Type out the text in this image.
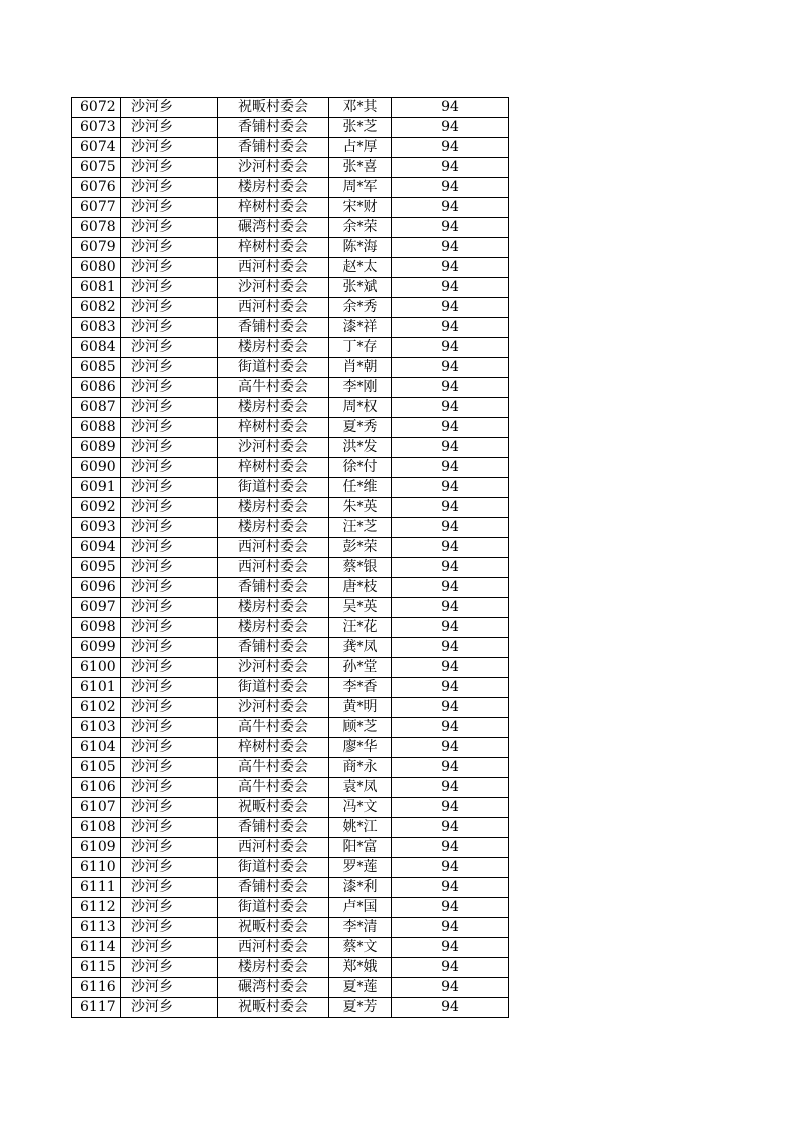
6072	沙河乡	祝畈村委会	邓*其	94
6073	沙河乡	香铺村委会	张*芝	94
6074	沙河乡	香铺村委会	占*厚	94
6075	沙河乡	沙河村委会	张*喜	94
6076	沙河乡	楼房村委会	周*军	94
6077	沙河乡	梓树村委会	宋*财	94
6078	沙河乡	碾湾村委会	余*荣	94
6079	沙河乡	梓树村委会	陈*海	94
6080	沙河乡	西河村委会	赵*太	94
6081	沙河乡	沙河村委会	张*斌	94
6082	沙河乡	西河村委会	余*秀	94
6083	沙河乡	香铺村委会	漆*祥	94
6084	沙河乡	楼房村委会	丁*存	94
6085	沙河乡	街道村委会	肖*朝	94
6086	沙河乡	高牛村委会	李*刚	94
6087	沙河乡	楼房村委会	周*权	94
6088	沙河乡	梓树村委会	夏*秀	94
6089	沙河乡	沙河村委会	洪*发	94
6090	沙河乡	梓树村委会	徐*付	94
6091	沙河乡	街道村委会	任*维	94
6092	沙河乡	楼房村委会	朱*英	94
6093	沙河乡	楼房村委会	汪*芝	94
6094	沙河乡	西河村委会	彭*荣	94
6095	沙河乡	西河村委会	蔡*银	94
6096	沙河乡	香铺村委会	唐*枝	94
6097	沙河乡	楼房村委会	吴*英	94
6098	沙河乡	楼房村委会	汪*花	94
6099	沙河乡	香铺村委会	龚*凤	94
6100	沙河乡	沙河村委会	孙*堂	94
6101	沙河乡	街道村委会	李*香	94
6102	沙河乡	沙河村委会	黄*明	94
6103	沙河乡	高牛村委会	顾*芝	94
6104	沙河乡	梓树村委会	廖*华	94
6105	沙河乡	高牛村委会	商*永	94
6106	沙河乡	高牛村委会	袁*凤	94
6107	沙河乡	祝畈村委会	冯*文	94
6108	沙河乡	香铺村委会	姚*江	94
6109	沙河乡	西河村委会	阳*富	94
6110	沙河乡	街道村委会	罗*莲	94
6111	沙河乡	香铺村委会	漆*利	94
6112	沙河乡	街道村委会	卢*国	94
6113	沙河乡	祝畈村委会	李*清	94
6114	沙河乡	西河村委会	蔡*文	94
6115	沙河乡	楼房村委会	郑*娥	94
6116	沙河乡	碾湾村委会	夏*莲	94
6117	沙河乡	祝畈村委会	夏*芳	94
